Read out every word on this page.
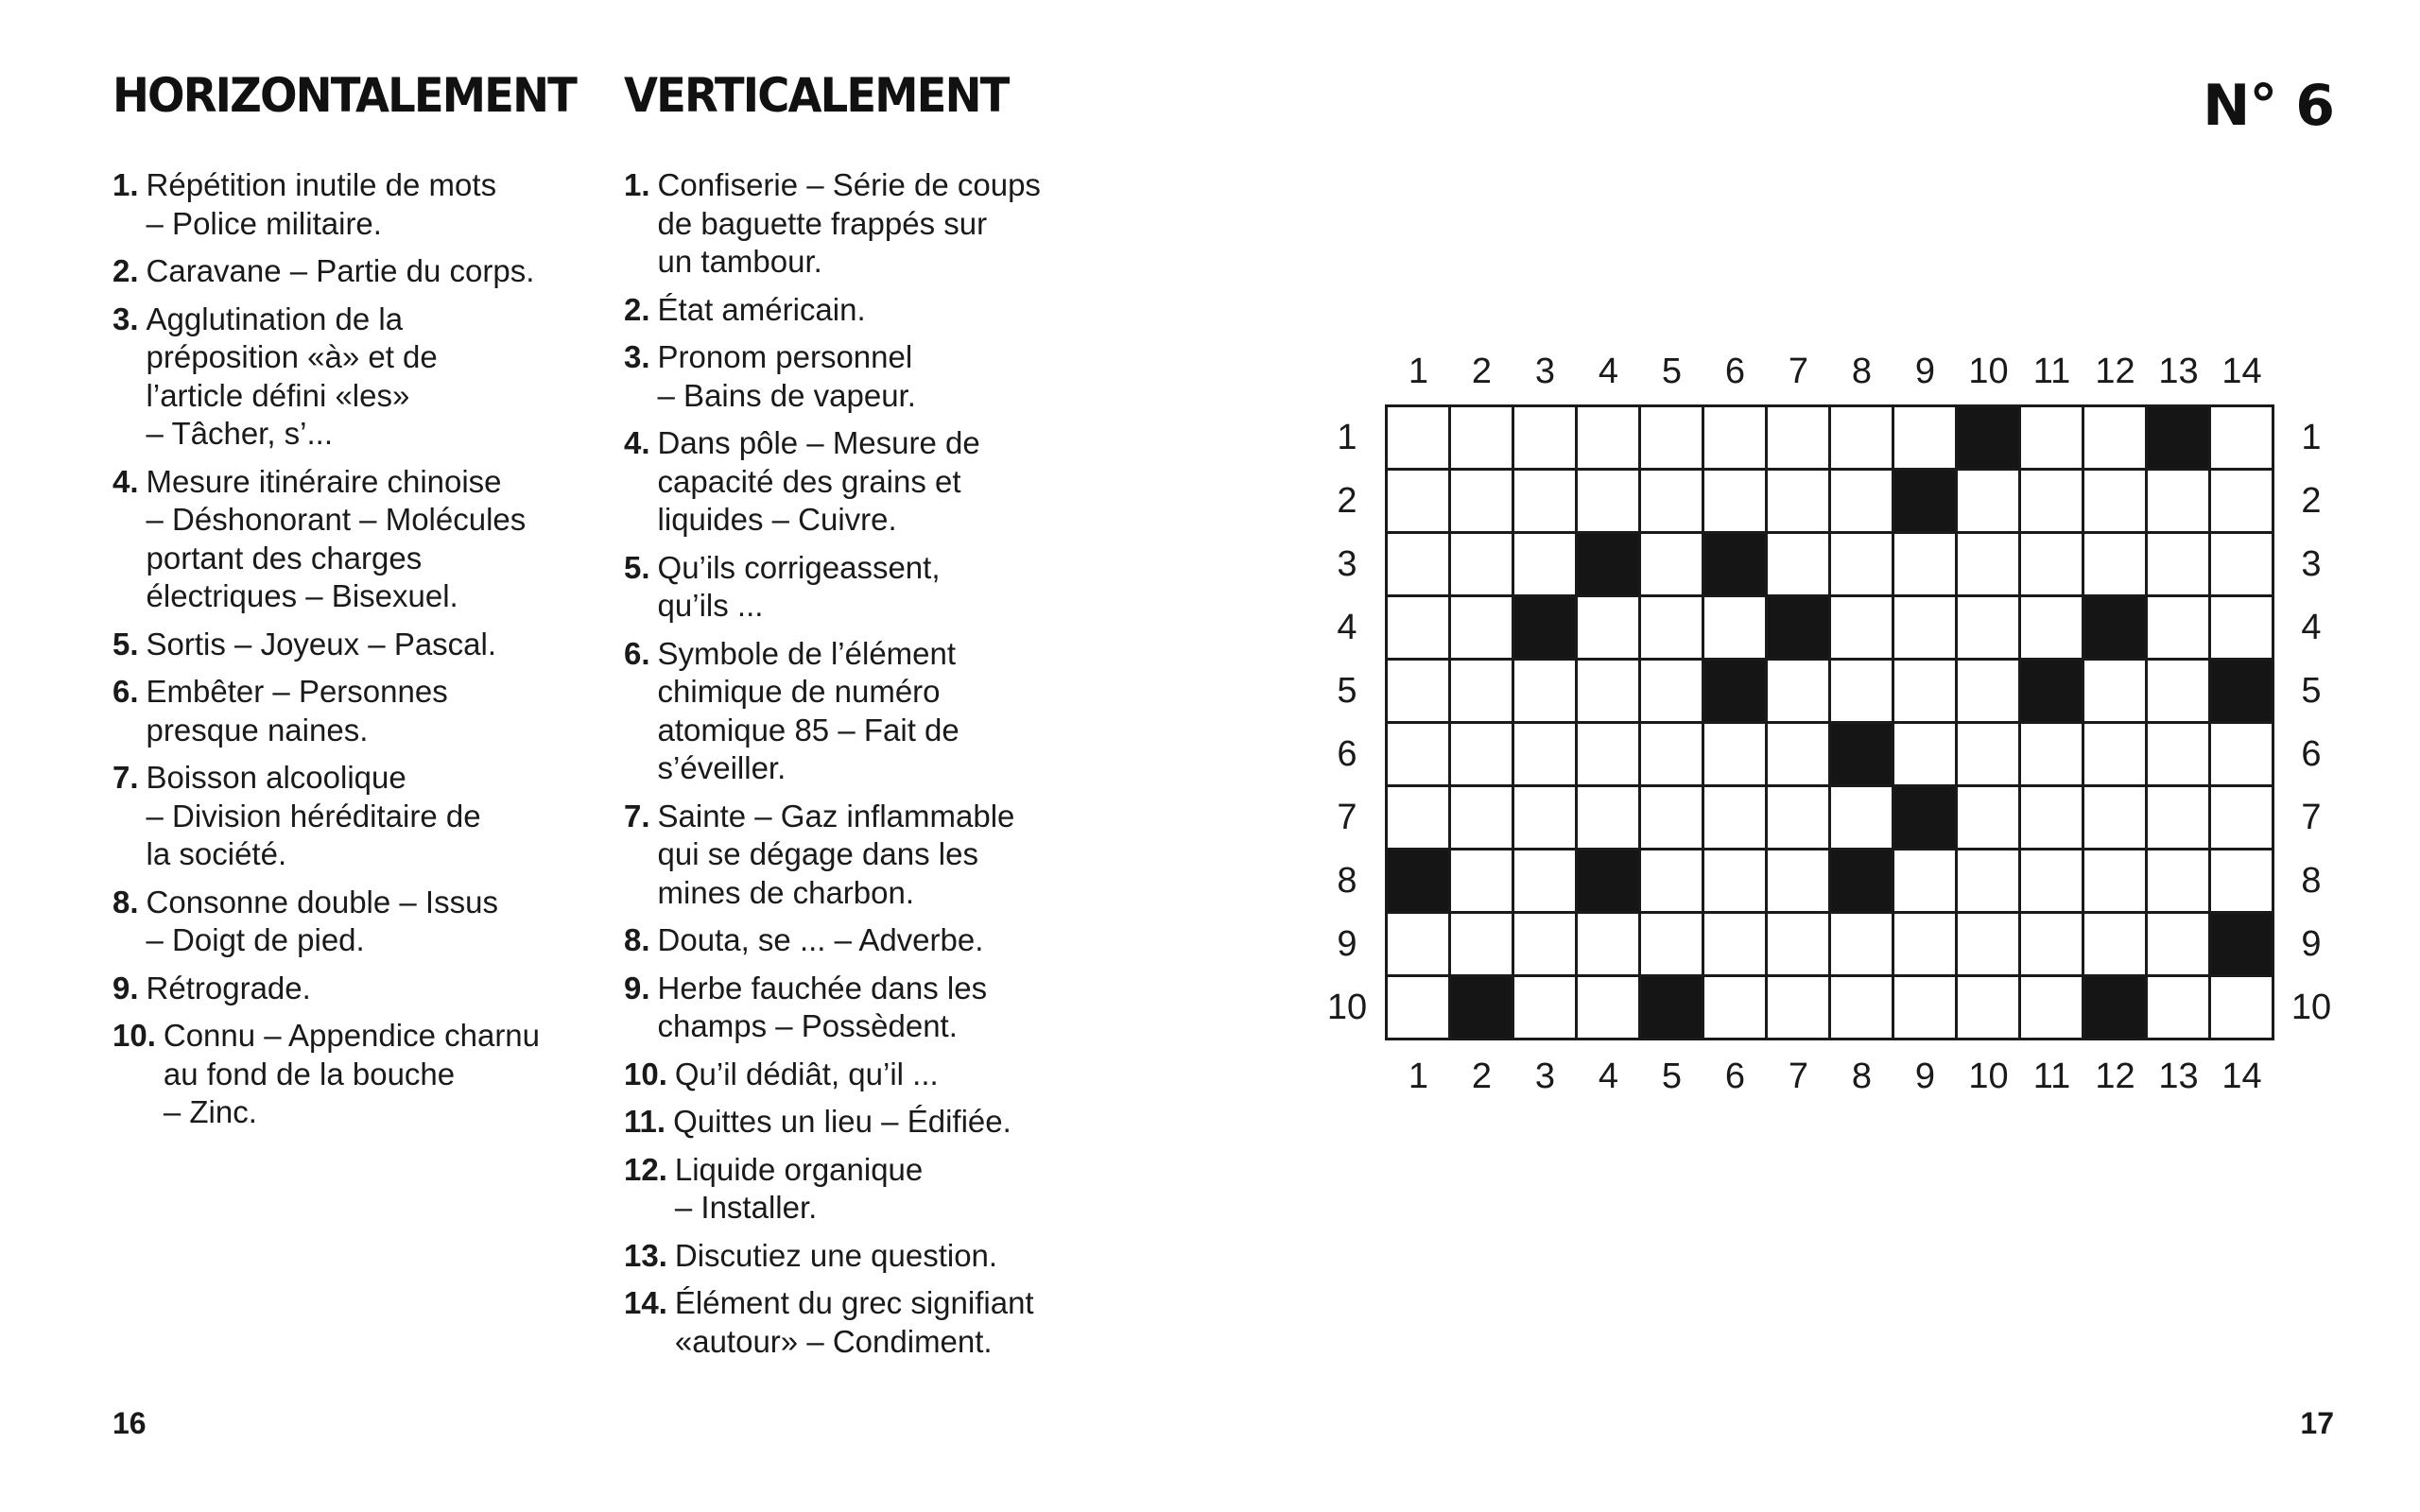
HORIZONTALEMENT VERTICALEMENT	N° 6
1. Répétition inutile de mots
– Police militaire.
2. Caravane – Partie du corps.
3. Agglutination de la
préposition «à» et de
l’article défini «les»
– Tâcher, s’...
4. Mesure itinéraire chinoise
– Déshonorant – Molécules
portant des charges
électriques – Bisexuel.
5. Sortis – Joyeux – Pascal.
6. Embêter – Personnes
presque naines.
7. Boisson alcoolique
– Division héréditaire de
la société.
8. Consonne double – Issus
– Doigt de pied.
9. Rétrograde.
10. Connu – Appendice charnu
au fond de la bouche
– Zinc.
1. Confiserie – Série de coups
de baguette frappés sur
un tambour.
2. État américain.
3. Pronom personnel
– Bains de vapeur.
4. Dans pôle – Mesure de
capacité des grains et
liquides – Cuivre.
5. Qu’ils corrigeassent,
qu’ils ...
6. Symbole de l’élément
chimique de numéro
atomique 85 – Fait de
s’éveiller.
7. Sainte – Gaz inflammable
qui se dégage dans les
mines de charbon.
8. Douta, se ... – Adverbe.
9. Herbe fauchée dans les
champs – Possèdent.
10. Qu’il dédiât, qu’il ...
11. Quittes un lieu – Édifiée.
12. Liquide organique
– Installer.
13. Discutiez une question.
14. Élément du grec signifiant
«autour» – Condiment.
1
1
2
2
3
3
4
4
5
5
6
6
7
7
8
8
9
9
10
10
11
11
12
12
13
13
14
14
1	1
2	2
3	3
4	4
5	5
6	6
7	7
8	8
9	9
10	10
16	17
